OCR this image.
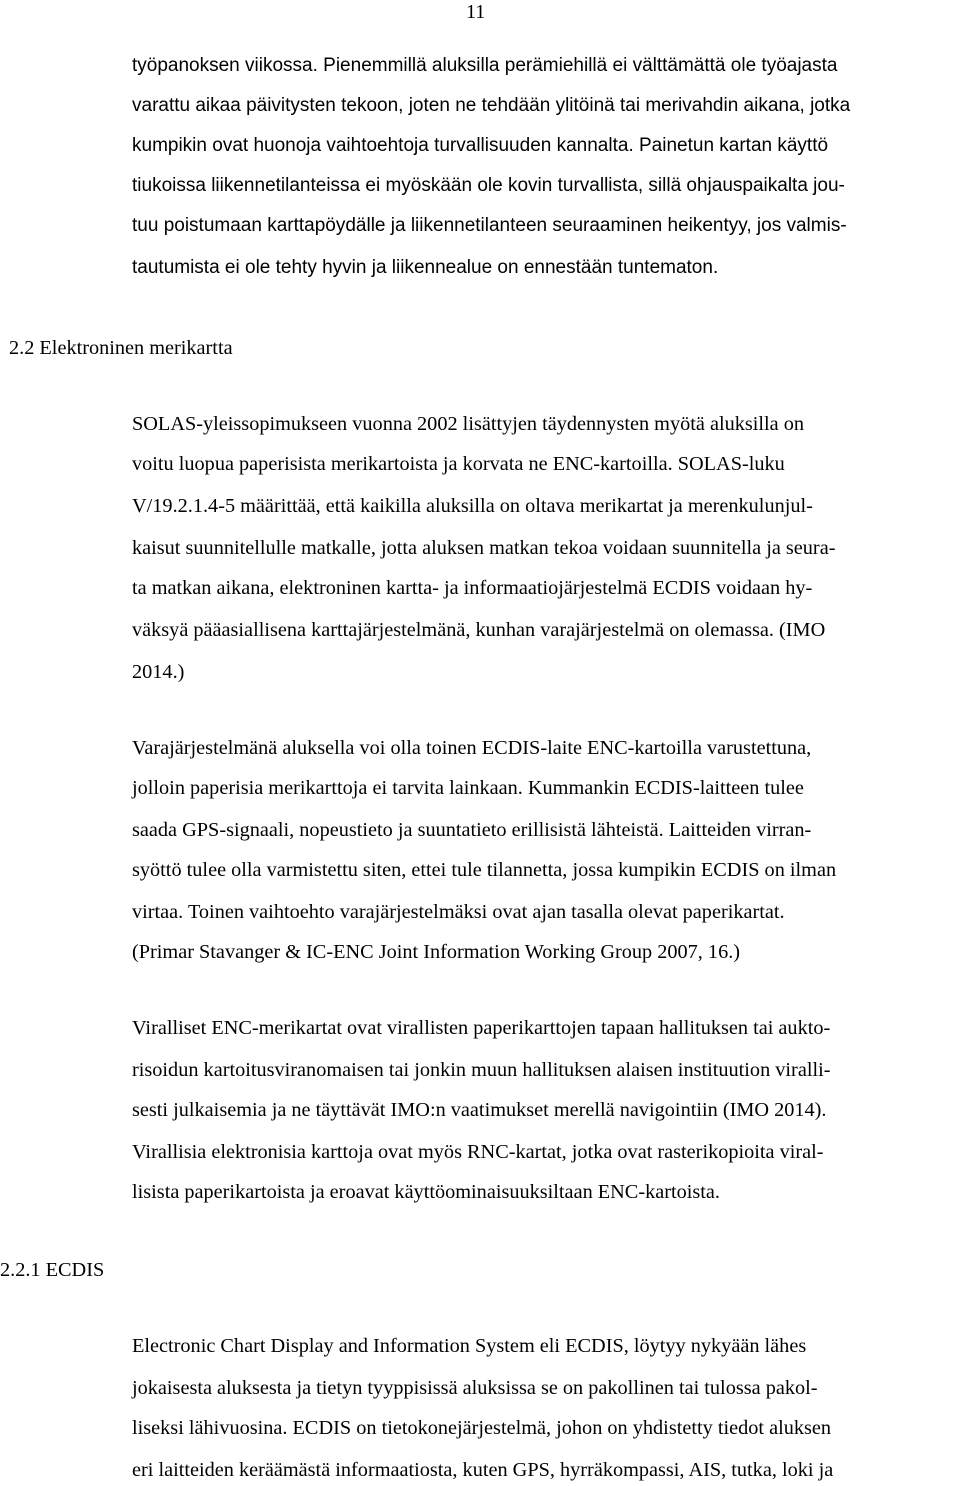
11
työpanoksen viikossa. Pienemmillä aluksilla perämiehillä ei välttämättä ole työajasta
varattu aikaa päivitysten tekoon, joten ne tehdään ylitöinä tai merivahdin aikana, jotka
kumpikin ovat huonoja vaihtoehtoja turvallisuuden kannalta. Painetun kartan käyttö
tiukoissa liikennetilanteissa ei myöskään ole kovin turvallista, sillä ohjauspaikalta jou-
tuu poistumaan karttapöydälle ja liikennetilanteen seuraaminen heikentyy, jos valmis-
tautumista ei ole tehty hyvin ja liikennealue on ennestään tuntematon.
2.2 Elektroninen merikartta
SOLAS-yleissopimukseen vuonna 2002 lisättyjen täydennysten myötä aluksilla on
voitu luopua paperisista merikartoista ja korvata ne ENC-kartoilla. SOLAS-luku
V/19.2.1.4-5 määrittää, että kaikilla aluksilla on oltava merikartat ja merenkulunjul-
kaisut suunnitellulle matkalle, jotta aluksen matkan tekoa voidaan suunnitella ja seura-
ta matkan aikana, elektroninen kartta- ja informaatiojärjestelmä ECDIS voidaan hy-
väksyä pääasiallisena karttajärjestelmänä, kunhan varajärjestelmä on olemassa. (IMO
2014.)
Varajärjestelmänä aluksella voi olla toinen ECDIS-laite ENC-kartoilla varustettuna,
jolloin paperisia merikarttoja ei tarvita lainkaan. Kummankin ECDIS-laitteen tulee
saada GPS-signaali, nopeustieto ja suuntatieto erillisistä lähteistä. Laitteiden virran-
syöttö tulee olla varmistettu siten, ettei tule tilannetta, jossa kumpikin ECDIS on ilman
virtaa. Toinen vaihtoehto varajärjestelmäksi ovat ajan tasalla olevat paperikartat.
(Primar Stavanger & IC-ENC Joint Information Working Group 2007, 16.)
Viralliset ENC-merikartat ovat virallisten paperikarttojen tapaan hallituksen tai aukto-
risoidun kartoitusviranomaisen tai jonkin muun hallituksen alaisen instituution viralli-
sesti julkaisemia ja ne täyttävät IMO:n vaatimukset merellä navigointiin (IMO 2014).
Virallisia elektronisia karttoja ovat myös RNC-kartat, jotka ovat rasterikopioita viral-
lisista paperikartoista ja eroavat käyttöominaisuuksiltaan ENC-kartoista.
2.2.1 ECDIS
Electronic Chart Display and Information System eli ECDIS, löytyy nykyään lähes
jokaisesta aluksesta ja tietyn tyyppisissä aluksissa se on pakollinen tai tulossa pakol-
liseksi lähivuosina. ECDIS on tietokonejärjestelmä, johon on yhdistetty tiedot aluksen
eri laitteiden keräämästä informaatiosta, kuten GPS, hyrräkompassi, AIS, tutka, loki ja
